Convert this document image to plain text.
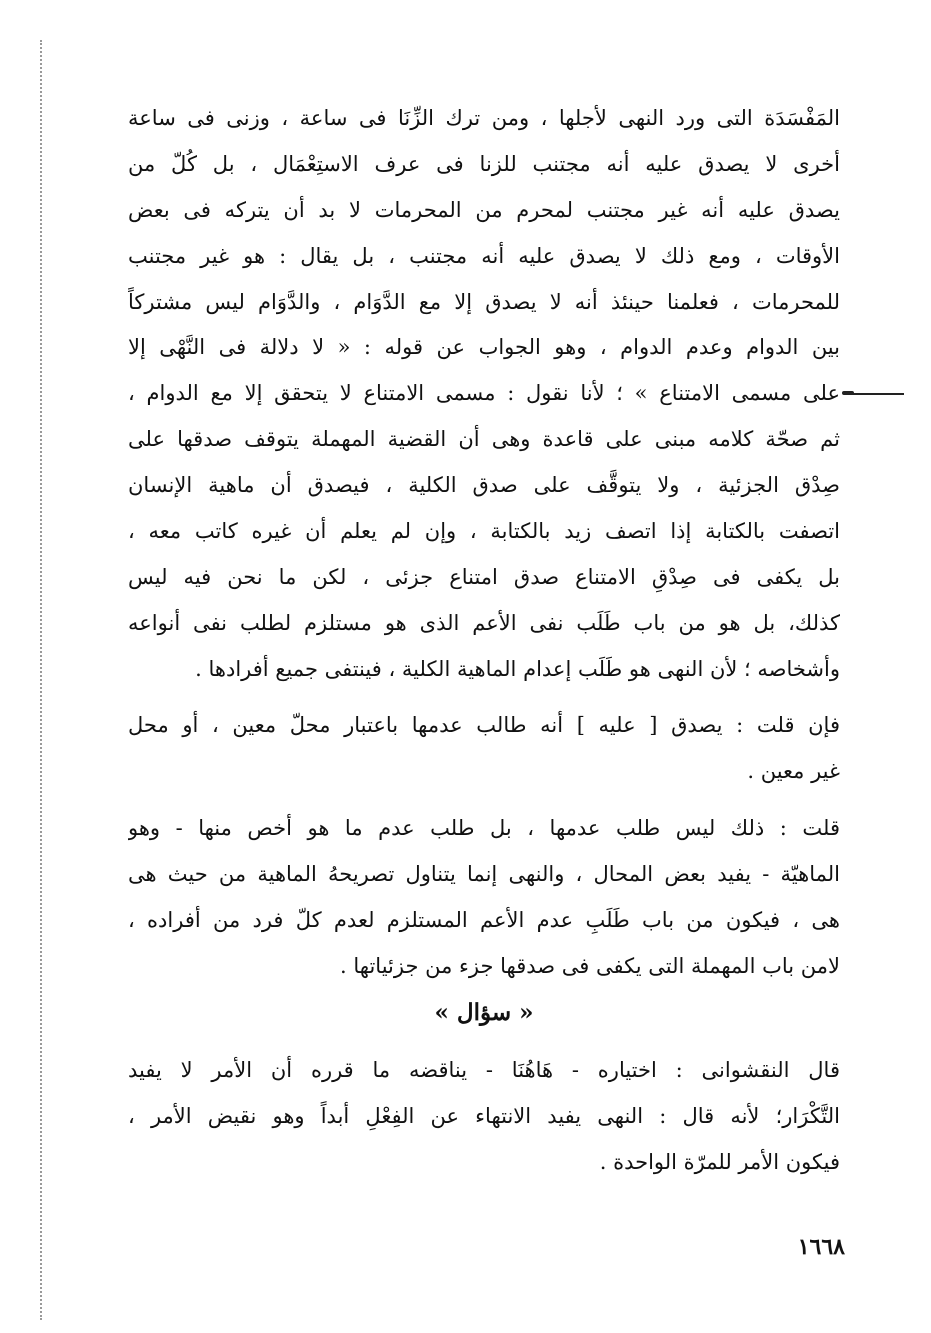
المَفْسَدَة التى ورد النهى لأجلها ، ومن ترك الزِّنَا فى ساعة ، وزنى فى ساعة
أخرى لا يصدق عليه أنه مجتنب للزنا فى عرف الاستِعْمَال ، بل كُلّ من
يصدق عليه أنه غير مجتنب لمحرم من المحرمات لا بد أن يتركه فى بعض
الأوقات ، ومع ذلك لا يصدق عليه أنه مجتنب ، بل يقال : هو غير مجتنب
للمحرمات ، فعلمنا حينئذ أنه لا يصدق إلا مع الدَّوَام ، والدَّوَام ليس مشتركاً
بين الدوام وعدم الدوام ، وهو الجواب عن قوله : « لا دلالة فى النَّهْى إلا
على مسمى الامتناع » ؛ لأنا نقول : مسمى الامتناع لا يتحقق إلا مع الدوام ،
ثم صحّة كلامه مبنى على قاعدة وهى أن القضية المهملة يتوقف صدقها على
صِدْق الجزئية ، ولا يتوقَّف على صدق الكلية ، فيصدق أن ماهية الإنسان
اتصفت بالكتابة إذا اتصف زيد بالكتابة ، وإن لم يعلم أن غيره كاتب معه ،
بل يكفى فى صِدْقِ الامتناع صدق امتناع جزئى ، لكن ما نحن فيه ليس
كذلك، بل هو من باب طَلَب نفى الأعم الذى هو مستلزم لطلب نفى أنواعه
وأشخاصه ؛ لأن النهى هو طَلَب إعدام الماهية الكلية ، فينتفى جميع أفرادها .
فإن قلت : يصدق [ عليه ] أنه طالب عدمها باعتبار محلّ معين ، أو محل
غير معين .
قلت : ذلك ليس طلب عدمها ، بل طلب عدم ما هو أخص منها - وهو
الماهيّة - يفيد بعض المحال ، والنهى إنما يتناول تصريحهُ الماهية من حيث هى
هى ، فيكون من باب طَلَبِ عدم الأعم المستلزم لعدم كلّ فرد من أفراده ،
لامن باب المهملة التى يكفى فى صدقها جزء من جزئياتها .
« سؤال »
قال النقشوانى : اختياره - هَاهُنَا - يناقضه ما قرره أن الأمر لا يفيد
التَّكْرَار؛ لأنه قال : النهى يفيد الانتهاء عن الفِعْلِ أبداً وهو نقيض الأمر ،
فيكون الأمر للمرّة الواحدة .
١٦٦٨
